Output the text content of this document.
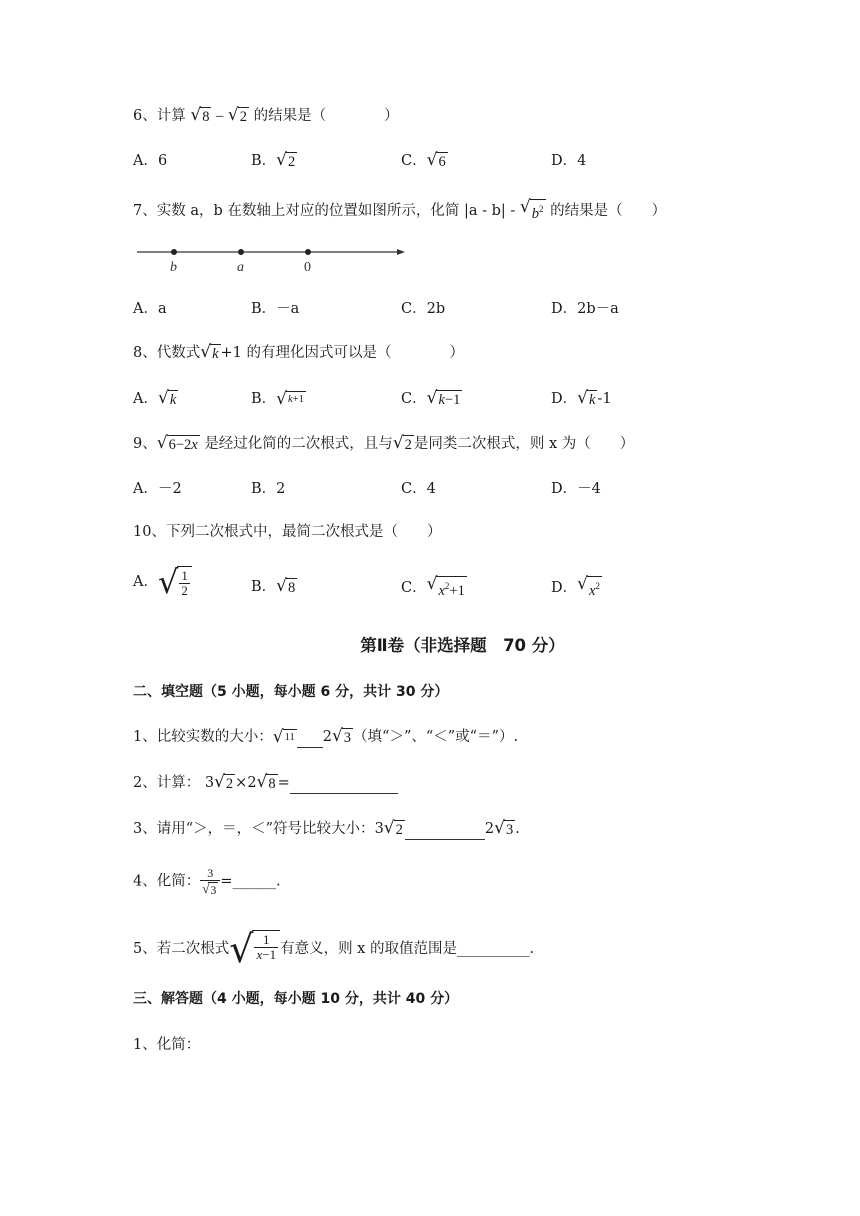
6、计算 √ 8 – √ 2 的结果是（　　　　）
A．6	B． √ 2	C． √ 6	D．4
7、实数 a，b 在数轴上对应的位置如图所示，化简 |a - b| - √ $b^2$ 的结果是（　　）
b	a	0
A．a	B．－a	C．2b	D．2b－a
8、代数式 √ k +1 的有理化因式可以是（　　　　）
A． √ k	B． √ k+1	C． √ k−1	D． √ k -1
9、 √ 6−2x 是经过化简的二次根式，且与 √ 2 是同类二次根式，则 x 为（　　）
A．－2	B．2	C．4	D．－4
10、下列二次根式中，最简二次根式是（　　）
A． √ $\frac{1}{2}$	B． √ 8	C． √ $x^2+1$	D． √ $x^2$
第Ⅱ卷（非选择题　70 分）
二、填空题（5 小题，每小题 6 分，共计 30 分）
1、比较实数的大小： √ 11 2 √ 3 （填“＞”、“＜”或“＝”）.
2、计算： 3 √ 2 ×2 √ 8 =
3、请用“＞，＝，＜”符号比较大小：3 √ 2	2 √ 3 .
4、化简： $\frac{3}{√ 3}$ =______.
5、若二次根式 √ $\frac{1}{x-1}$ 有意义，则 x 的取值范围是__________.
三、解答题（4 小题，每小题 10 分，共计 40 分）
1、化简：
